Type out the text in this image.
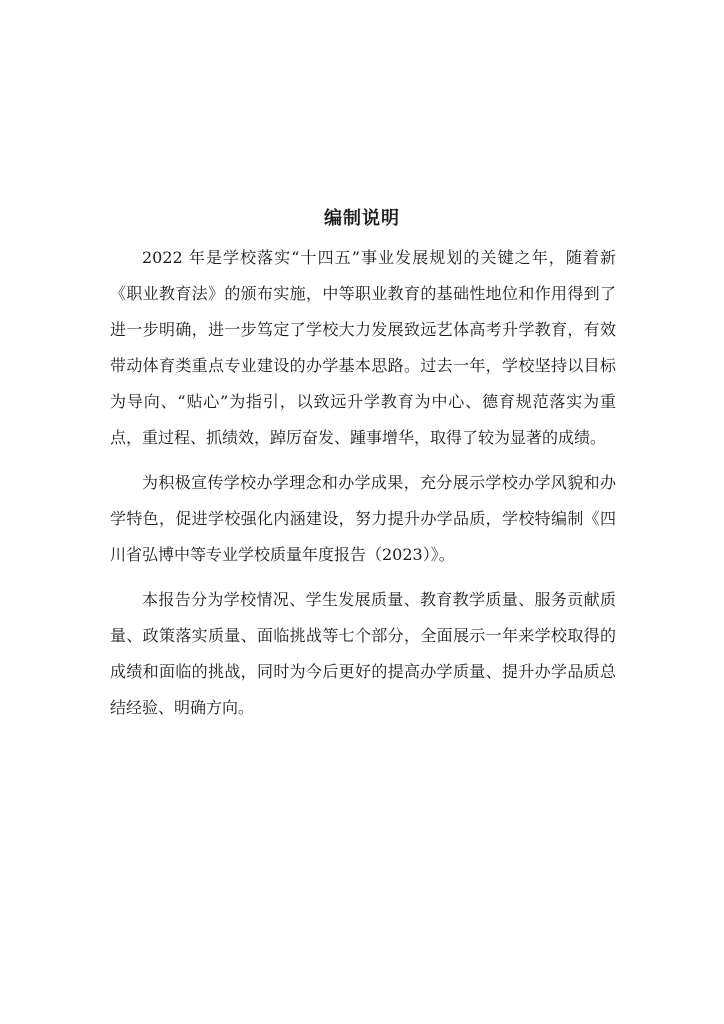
编制说明

2022 年是学校落实“十四五”事业发展规划的关键之年，随着新《职业教育法》的颁布实施，中等职业教育的基础性地位和作用得到了进一步明确，进一步笃定了学校大力发展致远艺体高考升学教育，有效带动体育类重点专业建设的办学基本思路。过去一年，学校坚持以目标为导向、“贴心”为指引，以致远升学教育为中心、德育规范落实为重点，重过程、抓绩效，踔厉奋发、踵事增华，取得了较为显著的成绩。

为积极宣传学校办学理念和办学成果，充分展示学校办学风貌和办学特色，促进学校强化内涵建设，努力提升办学品质，学校特编制《四川省弘博中等专业学校质量年度报告（2023）》。

本报告分为学校情况、学生发展质量、教育教学质量、服务贡献质量、政策落实质量、面临挑战等七个部分，全面展示一年来学校取得的成绩和面临的挑战，同时为今后更好的提高办学质量、提升办学品质总结经验、明确方向。
